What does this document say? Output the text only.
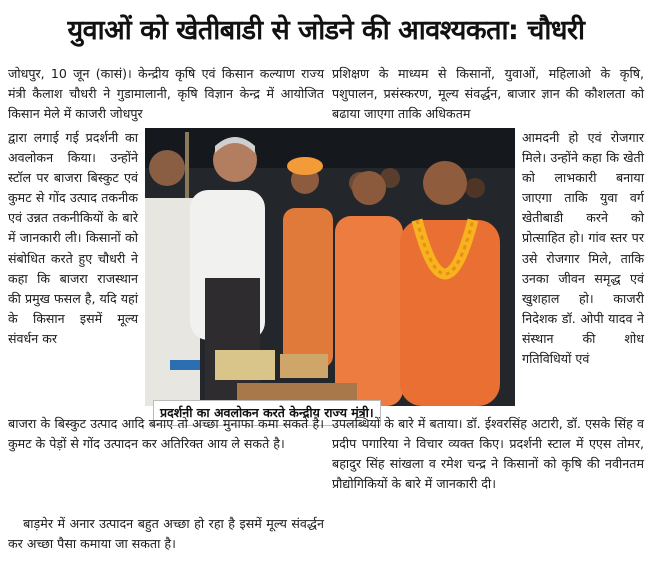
युवाओं को खेतीबाडी से जोडने की आवश्यकता: चौधरी
जोधपुर, 10 जून (कासं)। केन्द्रीय कृषि एवं किसान कल्याण राज्य मंत्री कैलाश चौधरी ने गुडामालानी, कृषि विज्ञान केन्द्र में आयोजित किसान मेले में काजरी जोधपुर
द्वारा लगाई गई प्रदर्शनी का अवलोकन किया। उन्होंने स्टॉल पर बाजरा बिस्कुट एवं कुमट से गोंद उत्पाद तकनीक एवं उन्नत तकनीकियों के बारे में जानकारी ली। किसानों को संबोधित करते हुए चौधरी ने कहा कि बाजरा राजस्थान की प्रमुख फसल है, यदि यहां के किसान इसमें मूल्य संवर्धन कर
प्रशिक्षण के माध्यम से किसानों, युवाओं, महिलाओ के कृषि, पशुपालन, प्रसंस्करण, मूल्य संवर्द्धन, बाजार ज्ञान की कौशलता को बढाया जाएगा ताकि अधिकतम
आमदनी हो एवं रोजगार मिले। उन्होंने कहा कि खेती को लाभकारी बनाया जाएगा ताकि युवा वर्ग खेतीबाडी करने को प्रोत्साहित हो। गांव स्तर पर उसे रोजगार मिले, ताकि उनका जीवन समृद्ध एवं खुशहाल हो। काजरी निदेशक डॉ. ओपी यादव ने संस्थान की शोध गतिविधियों एवं
प्रदर्शनी का अवलोकन करते केन्द्रीय राज्य मंत्री।
बाजरा के बिस्कुट उत्पाद आदि बनाए तो अच्छा मुनाफा कमा सकते है। कुमट के पेड़ों से गोंद उत्पादन कर अतिरिक्त आय ले सकते है।
बाड़मेर में अनार उत्पादन बहुत अच्छा हो रहा है इसमें मूल्य संवर्द्धन कर अच्छा पैसा कमाया जा सकता है।
उपलब्धियों के बारे में बताया। डॉ. ईश्वरसिंह अटारी, डॉ. एसके सिंह व प्रदीप पगारिया ने विचार व्यक्त किए। प्रदर्शनी स्टाल में एएस तोमर, बहादुर सिंह सांखला व रमेश चन्द्र ने किसानों को कृषि की नवीनतम प्रौद्योगिकियों के बारे में जानकारी दी।
